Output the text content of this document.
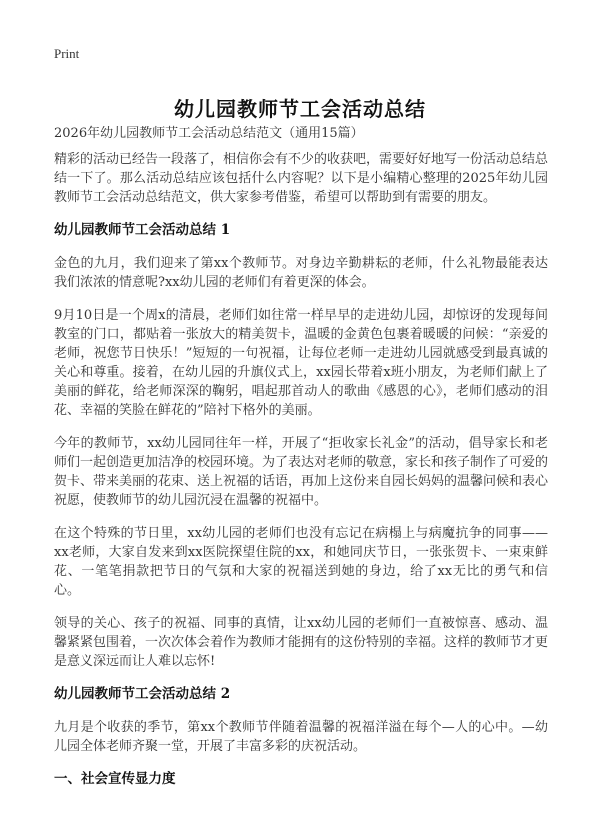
Print
幼儿园教师节工会活动总结
2026年幼儿园教师节工会活动总结范文（通用15篇）

精彩的活动已经告一段落了，相信你会有不少的收获吧，需要好好地写一份活动总结总结一下了。那么活动总结应该包括什么内容呢？以下是小编精心整理的2025年幼儿园教师节工会活动总结范文，供大家参考借鉴，希望可以帮助到有需要的朋友。

幼儿园教师节工会活动总结 1

金色的九月，我们迎来了第xx个教师节。对身边辛勤耕耘的老师，什么礼物最能表达我们浓浓的情意呢?xx幼儿园的老师们有着更深的体会。

9月10日是一个周x的清晨，老师们如往常一样早早的走进幼儿园，却惊讶的发现每间教室的门口，都贴着一张放大的精美贺卡，温暖的金黄色包裹着暖暖的问候：“亲爱的老师，祝您节日快乐！”短短的一句祝福，让每位老师一走进幼儿园就感受到最真诚的关心和尊重。接着，在幼儿园的升旗仪式上，xx园长带着x班小朋友，为老师们献上了美丽的鲜花，给老师深深的鞠躬，唱起那首动人的歌曲《感恩的心》，老师们感动的泪花、幸福的笑脸在鲜花的”陪衬下格外的美丽。

今年的教师节，xx幼儿园同往年一样，开展了“拒收家长礼金”的活动，倡导家长和老师们一起创造更加洁净的校园环境。为了表达对老师的敬意，家长和孩子制作了可爱的贺卡、带来美丽的花束、送上祝福的话语，再加上这份来自园长妈妈的温馨问候和表心祝愿，使教师节的幼儿园沉浸在温馨的祝福中。

在这个特殊的节日里，xx幼儿园的老师们也没有忘记在病榻上与病魔抗争的同事——xx老师，大家自发来到xx医院探望住院的xx，和她同庆节日，一张张贺卡、一束束鲜花、一笔笔捐款把节日的气氛和大家的祝福送到她的身边，给了xx无比的勇气和信心。

领导的关心、孩子的祝福、同事的真情，让xx幼儿园的老师们一直被惊喜、感动、温馨紧紧包围着，一次次体会着作为教师才能拥有的这份特别的幸福。这样的教师节才更是意义深远而让人难以忘怀!

幼儿园教师节工会活动总结 2

九月是个收获的季节，第xx个教师节伴随着温馨的祝福洋溢在每个—人的心中。—幼儿园全体老师齐聚一堂，开展了丰富多彩的庆祝活动。

一、社会宣传显力度
